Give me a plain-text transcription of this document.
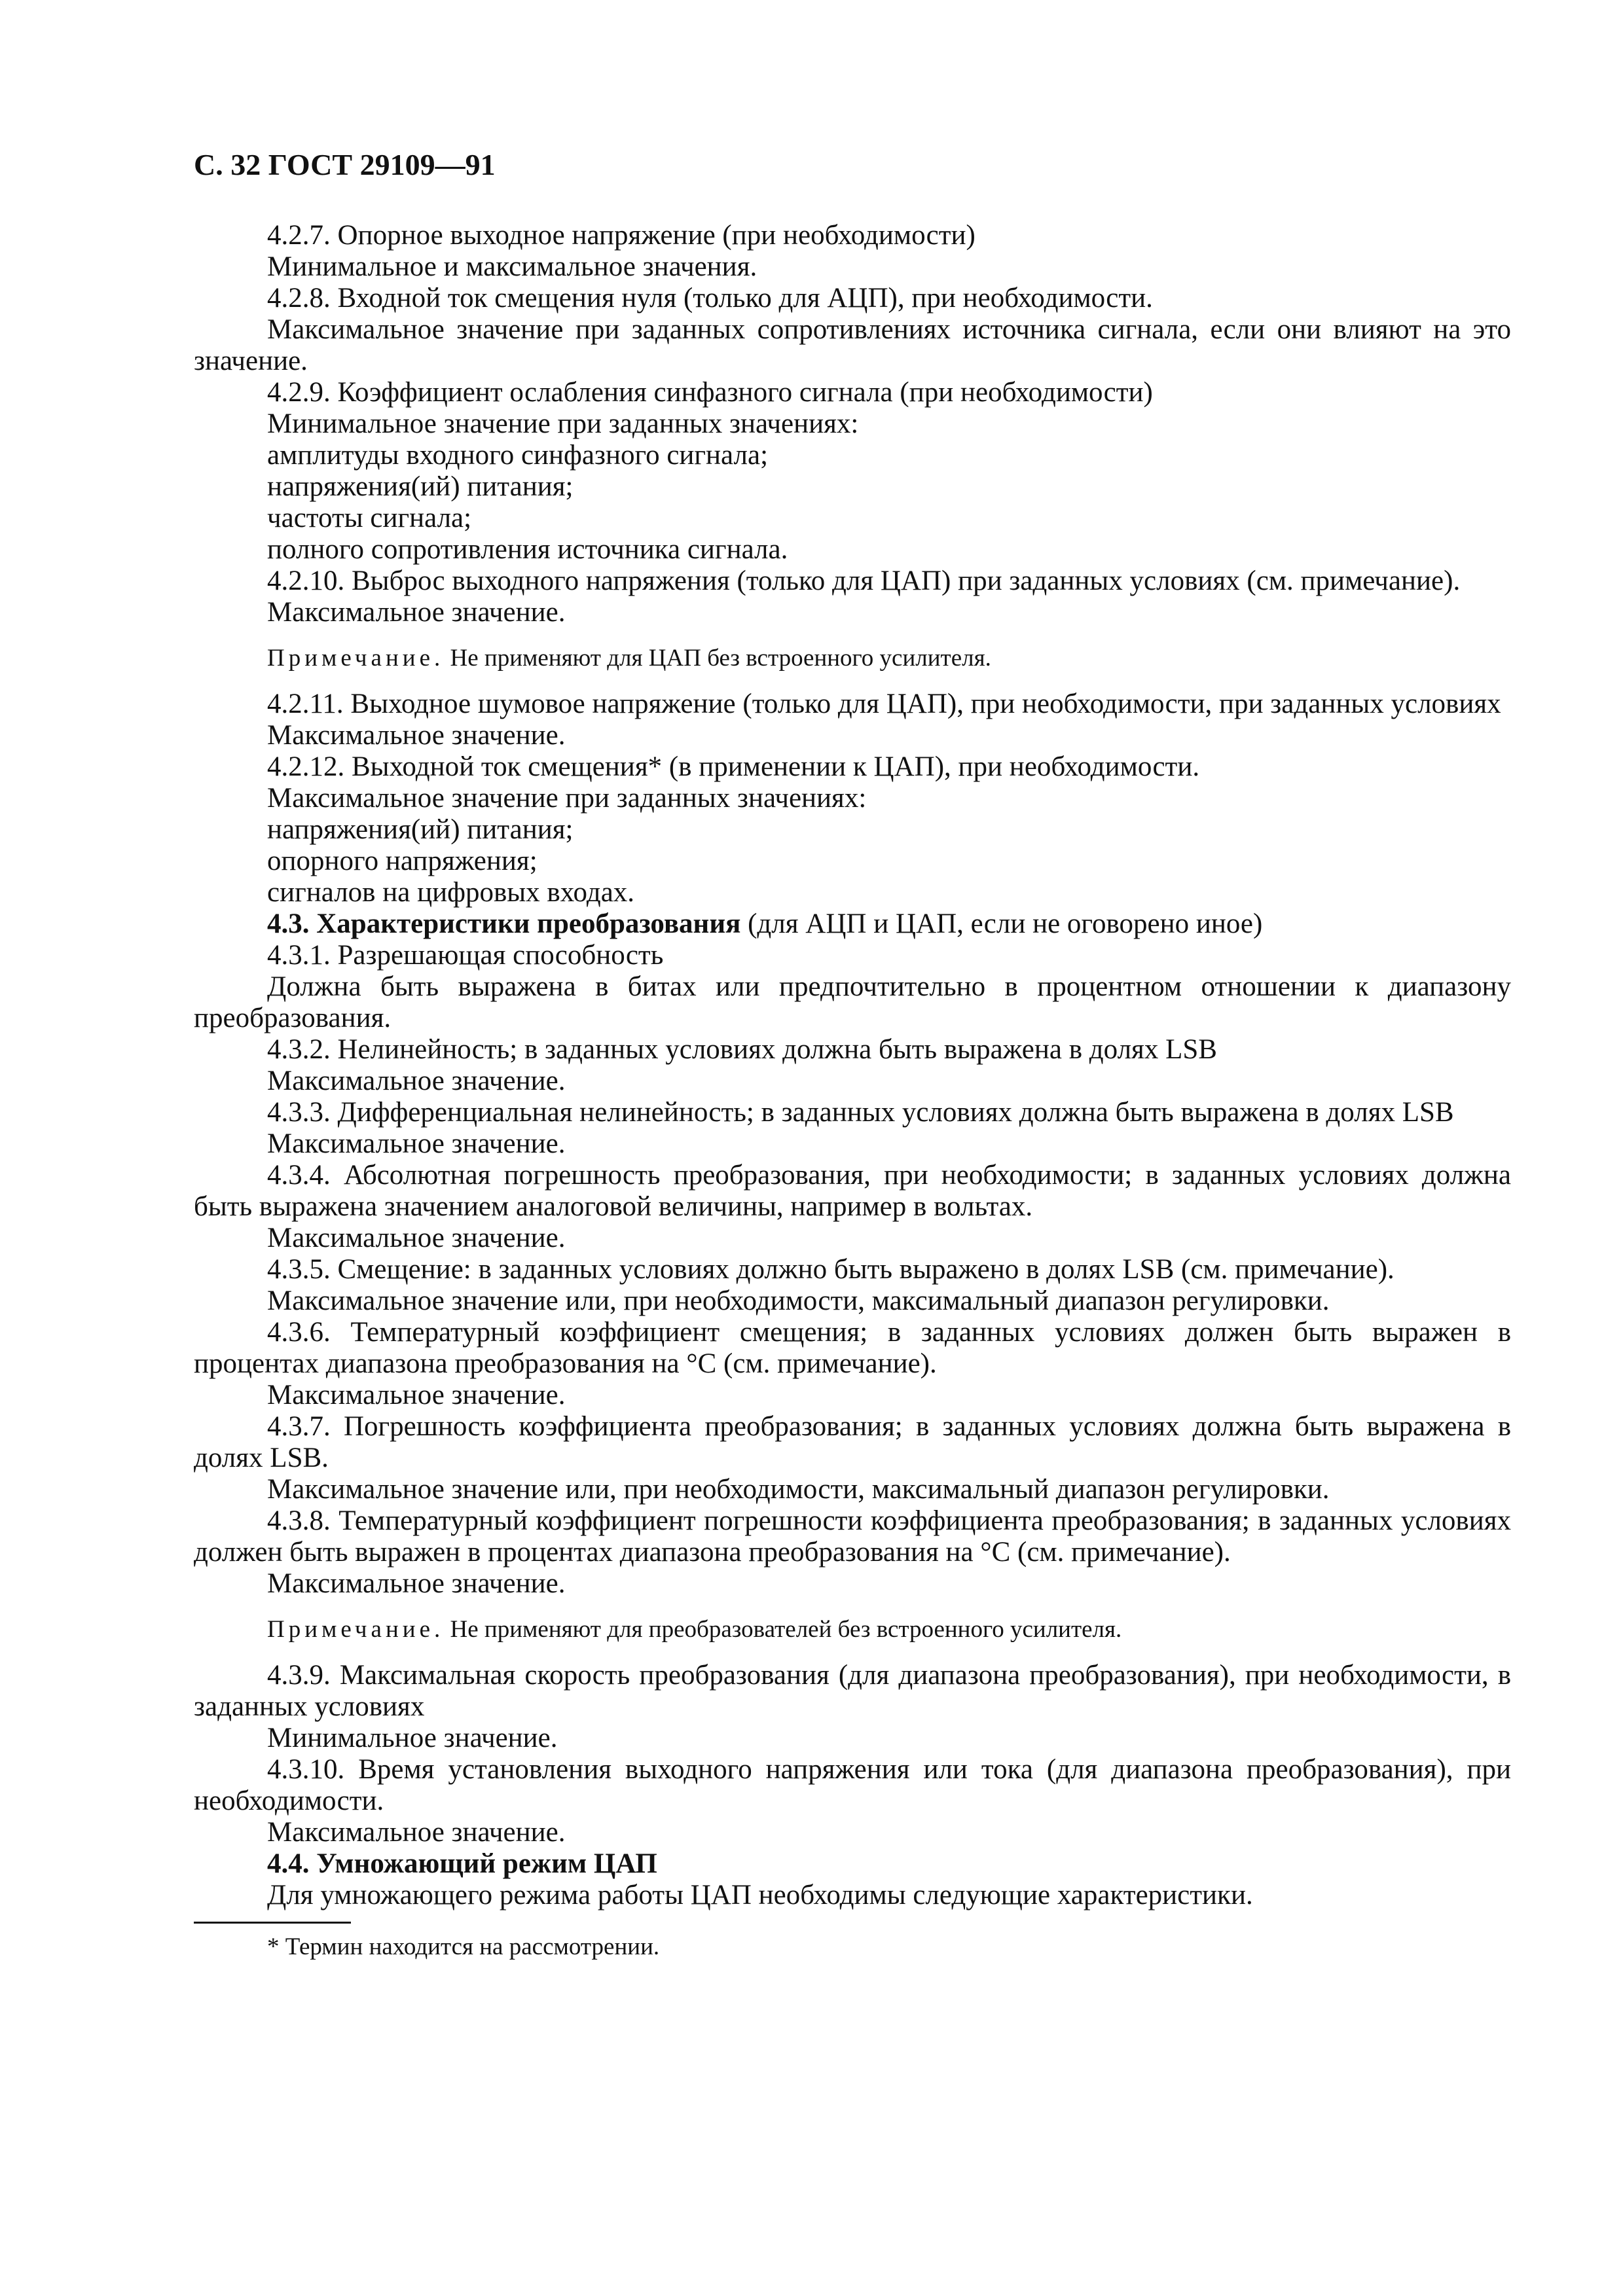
С. 32 ГОСТ 29109—91

4.2.7. Опорное выходное напряжение (при необходимости)

Минимальное и максимальное значения.

4.2.8. Входной ток смещения нуля (только для АЦП), при необходимости.

Максимальное значение при заданных сопротивлениях источника сигнала, если они влияют на это значение.

4.2.9. Коэффициент ослабления синфазного сигнала (при необходимости)

Минимальное значение при заданных значениях:

амплитуды входного синфазного сигнала;

напряжения(ий) питания;

частоты сигнала;

полного сопротивления источника сигнала.

4.2.10. Выброс выходного напряжения (только для ЦАП) при заданных условиях (см. примечание).

Максимальное значение.

Примечание. Не применяют для ЦАП без встроенного усилителя.

4.2.11. Выходное шумовое напряжение (только для ЦАП), при необходимости, при заданных условиях

Максимальное значение.

4.2.12. Выходной ток смещения* (в применении к ЦАП), при необходимости.

Максимальное значение при заданных значениях:

напряжения(ий) питания;

опорного напряжения;

сигналов на цифровых входах.

4.3. Характеристики преобразования (для АЦП и ЦАП, если не оговорено иное)

4.3.1. Разрешающая способность

Должна быть выражена в битах или предпочтительно в процентном отношении к диапазону преобразования.

4.3.2. Нелинейность; в заданных условиях должна быть выражена в долях LSB

Максимальное значение.

4.3.3. Дифференциальная нелинейность; в заданных условиях должна быть выражена в долях LSB

Максимальное значение.

4.3.4. Абсолютная погрешность преобразования, при необходимости; в заданных условиях должна быть выражена значением аналоговой величины, например в вольтах.

Максимальное значение.

4.3.5. Смещение: в заданных условиях должно быть выражено в долях LSB (см. примечание).

Максимальное значение или, при необходимости, максимальный диапазон регулировки.

4.3.6. Температурный коэффициент смещения; в заданных условиях должен быть выражен в процентах диапазона преобразования на °С (см. примечание).

Максимальное значение.

4.3.7. Погрешность коэффициента преобразования; в заданных условиях должна быть выражена в долях LSB.

Максимальное значение или, при необходимости, максимальный диапазон регулировки.

4.3.8. Температурный коэффициент погрешности коэффициента преобразования; в заданных условиях должен быть выражен в процентах диапазона преобразования на °С (см. примечание).

Максимальное значение.

Примечание. Не применяют для преобразователей без встроенного усилителя.

4.3.9. Максимальная скорость преобразования (для диапазона преобразования), при необходимости, в заданных условиях

Минимальное значение.

4.3.10. Время установления выходного напряжения или тока (для диапазона преобразования), при необходимости.

Максимальное значение.

4.4. Умножающий режим ЦАП

Для умножающего режима работы ЦАП необходимы следующие характеристики.

* Термин находится на рассмотрении.
